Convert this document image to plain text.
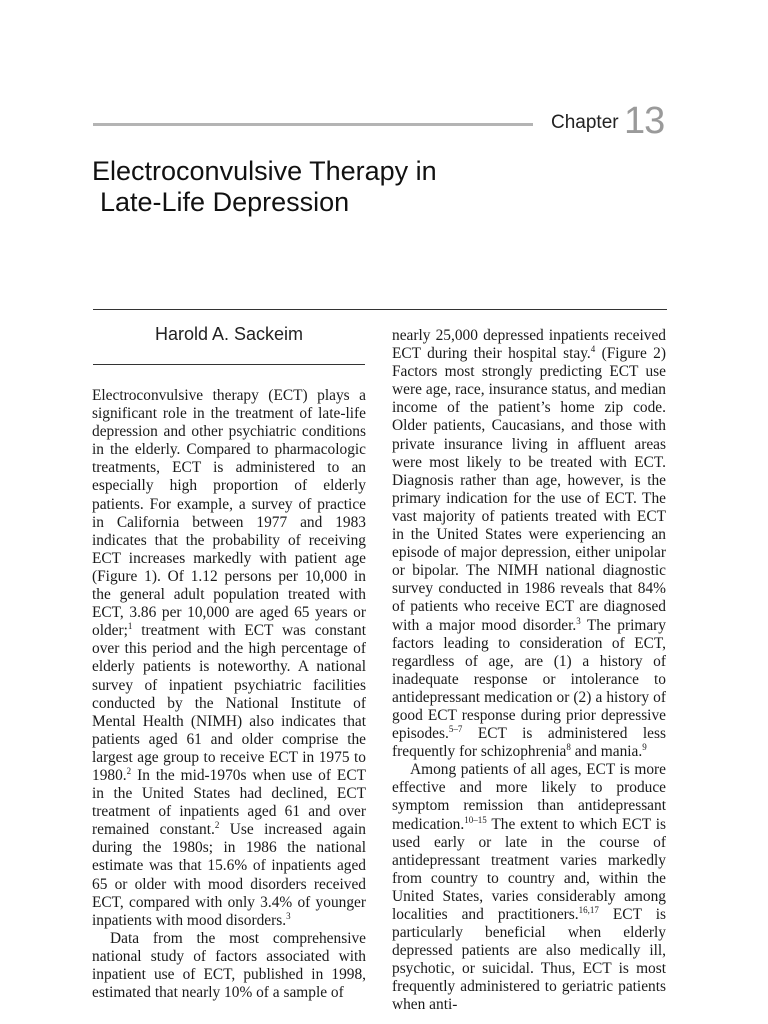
Chapter 13
Electroconvulsive Therapy in
Late-Life Depression
Harold A. Sackeim

Electroconvulsive therapy (ECT) plays a significant role in the treatment of late-life depression and other psychiatric conditions in the elderly. Compared to pharmacologic treatments, ECT is administered to an especially high proportion of elderly patients. For example, a survey of practice in California between 1977 and 1983 indicates that the probability of receiving ECT increases markedly with patient age (Figure 1). Of 1.12 persons per 10,000 in the general adult population treated with ECT, 3.86 per 10,000 are aged 65 years or older;$^1$ treatment with ECT was constant over this period and the high percentage of elderly patients is noteworthy. A national survey of inpatient psychiatric facilities conducted by the National Institute of Mental Health (NIMH) also indicates that patients aged 61 and older comprise the largest age group to receive ECT in 1975 to 1980.$^2$ In the mid-1970s when use of ECT in the United States had declined, ECT treatment of inpatients aged 61 and over remained constant.$^2$ Use increased again during the 1980s; in 1986 the national estimate was that 15.6% of inpatients aged 65 or older with mood disorders received ECT, compared with only 3.4% of younger inpatients with mood disorders.$^3$

Data from the most comprehensive national study of factors associated with inpatient use of ECT, published in 1998, estimated that nearly 10% of a sample of

nearly 25,000 depressed inpatients received ECT during their hospital stay.$^4$ (Figure 2) Factors most strongly predicting ECT use were age, race, insurance status, and median income of the patient’s home zip code. Older patients, Caucasians, and those with private insurance living in affluent areas were most likely to be treated with ECT. Diagnosis rather than age, however, is the primary indication for the use of ECT. The vast majority of patients treated with ECT in the United States were experiencing an episode of major depression, either unipolar or bipolar. The NIMH national diagnostic survey conducted in 1986 reveals that 84% of patients who receive ECT are diagnosed with a major mood disorder.$^3$ The primary factors leading to consideration of ECT, regardless of age, are (1) a history of inadequate response or intolerance to antidepressant medication or (2) a history of good ECT response during prior depressive episodes.$^{5-7}$ ECT is administered less frequently for schizophrenia$^8$ and mania.$^9$

Among patients of all ages, ECT is more effective and more likely to produce symptom remission than antidepressant medication.$^{10-15}$ The extent to which ECT is used early or late in the course of antidepressant treatment varies markedly from country to country and, within the United States, varies considerably among localities and practitioners.$^{16,17}$ ECT is particularly beneficial when elderly depressed patients are also medically ill, psychotic, or suicidal. Thus, ECT is most frequently administered to geriatric patients when anti-
